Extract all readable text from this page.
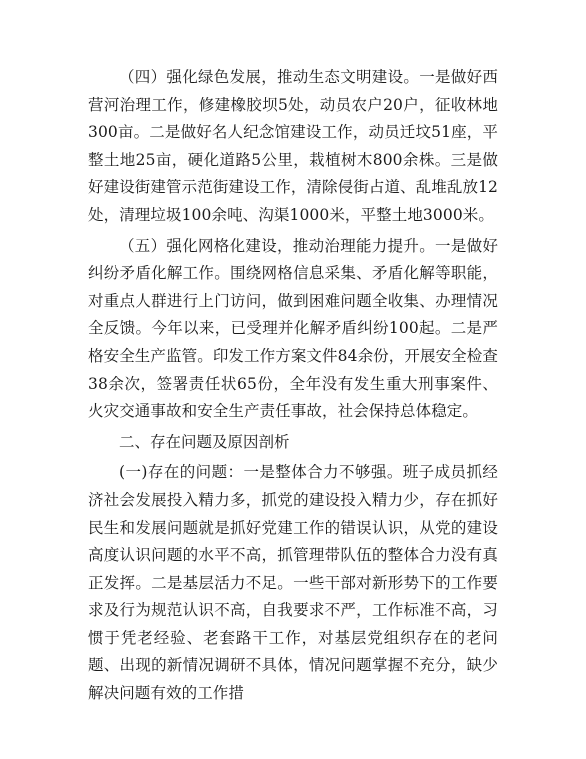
（四）强化绿色发展，推动生态文明建设。一是做好西营河治理工作，修建橡胶坝5处，动员农户20户，征收林地300亩。二是做好名人纪念馆建设工作，动员迁坟51座，平整土地25亩，硬化道路5公里，栽植树木800余株。三是做好建设街建管示范街建设工作，清除侵街占道、乱堆乱放12处，清理垃圾100余吨、沟渠1000米，平整土地3000米。

（五）强化网格化建设，推动治理能力提升。一是做好纠纷矛盾化解工作。围绕网格信息采集、矛盾化解等职能，对重点人群进行上门访问，做到困难问题全收集、办理情况全反馈。今年以来，已受理并化解矛盾纠纷100起。二是严格安全生产监管。印发工作方案文件84余份，开展安全检查38余次，签署责任状65份，全年没有发生重大刑事案件、火灾交通事故和安全生产责任事故，社会保持总体稳定。

二、存在问题及原因剖析

(一)存在的问题：一是整体合力不够强。班子成员抓经济社会发展投入精力多，抓党的建设投入精力少，存在抓好民生和发展问题就是抓好党建工作的错误认识，从党的建设高度认识问题的水平不高，抓管理带队伍的整体合力没有真正发挥。二是基层活力不足。一些干部对新形势下的工作要求及行为规范认识不高，自我要求不严，工作标准不高，习惯于凭老经验、老套路干工作，对基层党组织存在的老问题、出现的新情况调研不具体，情况问题掌握不充分，缺少解决问题有效的工作措
